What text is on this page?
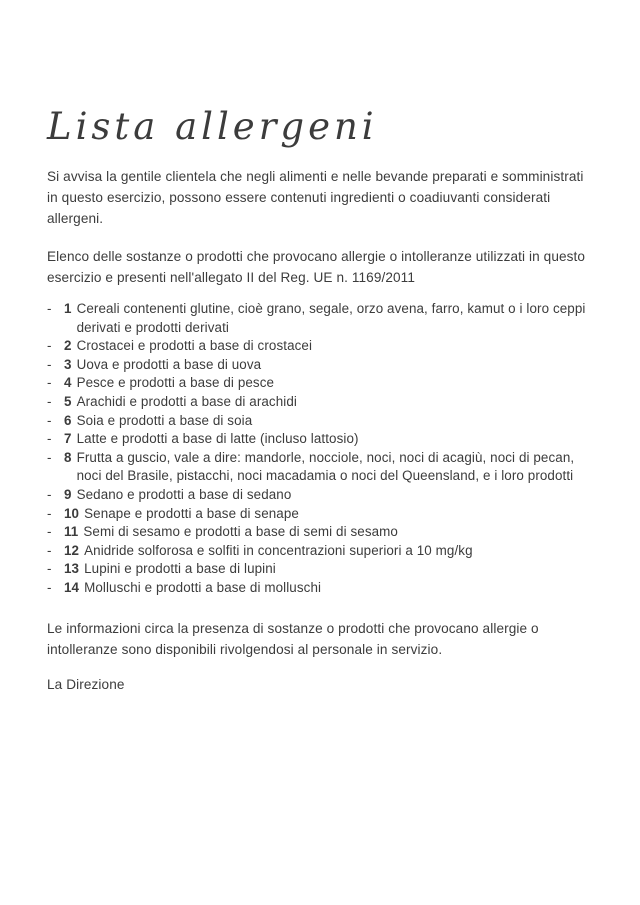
Lista allergeni

Si avvisa la gentile clientela che negli alimenti e nelle bevande preparati e somministrati in questo esercizio, possono essere contenuti ingredienti o coadiuvanti considerati allergeni.

Elenco delle sostanze o prodotti che provocano allergie o intolleranze utilizzati in questo esercizio e presenti nell'allegato II del Reg. UE n. 1169/2011

- 1 Cereali contenenti glutine, cioè grano, segale, orzo avena, farro, kamut o i loro ceppi derivati e prodotti derivati
- 2 Crostacei e prodotti a base di crostacei
- 3 Uova e prodotti a base di uova
- 4 Pesce e prodotti a base di pesce
- 5 Arachidi e prodotti a base di arachidi
- 6 Soia e prodotti a base di soia
- 7 Latte e prodotti a base di latte (incluso lattosio)
- 8 Frutta a guscio, vale a dire: mandorle, nocciole, noci, noci di acagiù, noci di pecan, noci del Brasile, pistacchi, noci macadamia o noci del Queensland, e i loro prodotti
- 9 Sedano e prodotti a base di sedano
- 10 Senape e prodotti a base di senape
- 11 Semi di sesamo e prodotti a base di semi di sesamo
- 12 Anidride solforosa e solfiti in concentrazioni superiori a 10 mg/kg
- 13 Lupini e prodotti a base di lupini
- 14 Molluschi e prodotti a base di molluschi

Le informazioni circa la presenza di sostanze o prodotti che provocano allergie o intolleranze sono disponibili rivolgendosi al personale in servizio.

La Direzione
